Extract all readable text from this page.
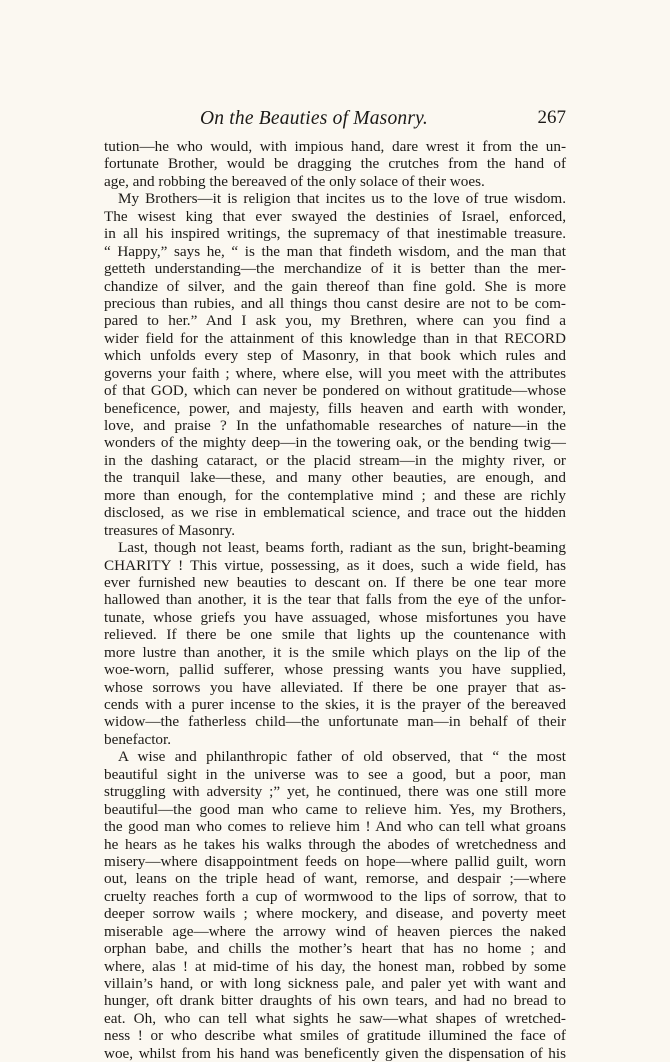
On the Beauties of Masonry.	267
tution—he who would, with impious hand, dare wrest it from the un-
fortunate Brother, would be dragging the crutches from the hand of
age, and robbing the bereaved of the only solace of their woes.
My Brothers—it is religion that incites us to the love of true wisdom.
The wisest king that ever swayed the destinies of Israel, enforced,
in all his inspired writings, the supremacy of that inestimable treasure.
“ Happy,” says he, “ is the man that findeth wisdom, and the man that
getteth understanding—the merchandize of it is better than the mer-
chandize of silver, and the gain thereof than fine gold. She is more
precious than rubies, and all things thou canst desire are not to be com-
pared to her.” And I ask you, my Brethren, where can you find a
wider field for the attainment of this knowledge than in that RECORD
which unfolds every step of Masonry, in that book which rules and
governs your faith ; where, where else, will you meet with the attributes
of that GOD, which can never be pondered on without gratitude—whose
beneficence, power, and majesty, fills heaven and earth with wonder,
love, and praise ? In the unfathomable researches of nature—in the
wonders of the mighty deep—in the towering oak, or the bending twig—
in the dashing cataract, or the placid stream—in the mighty river, or
the tranquil lake—these, and many other beauties, are enough, and
more than enough, for the contemplative mind ; and these are richly
disclosed, as we rise in emblematical science, and trace out the hidden
treasures of Masonry.
Last, though not least, beams forth, radiant as the sun, bright-beaming
CHARITY ! This virtue, possessing, as it does, such a wide field, has
ever furnished new beauties to descant on. If there be one tear more
hallowed than another, it is the tear that falls from the eye of the unfor-
tunate, whose griefs you have assuaged, whose misfortunes you have
relieved. If there be one smile that lights up the countenance with
more lustre than another, it is the smile which plays on the lip of the
woe-worn, pallid sufferer, whose pressing wants you have supplied,
whose sorrows you have alleviated. If there be one prayer that as-
cends with a purer incense to the skies, it is the prayer of the bereaved
widow—the fatherless child—the unfortunate man—in behalf of their
benefactor.
A wise and philanthropic father of old observed, that “ the most
beautiful sight in the universe was to see a good, but a poor, man
struggling with adversity ;” yet, he continued, there was one still more
beautiful—the good man who came to relieve him. Yes, my Brothers,
the good man who comes to relieve him ! And who can tell what groans
he hears as he takes his walks through the abodes of wretchedness and
misery—where disappointment feeds on hope—where pallid guilt, worn
out, leans on the triple head of want, remorse, and despair ;—where
cruelty reaches forth a cup of wormwood to the lips of sorrow, that to
deeper sorrow wails ; where mockery, and disease, and poverty meet
miserable age—where the arrowy wind of heaven pierces the naked
orphan babe, and chills the mother’s heart that has no home ; and
where, alas ! at mid-time of his day, the honest man, robbed by some
villain’s hand, or with long sickness pale, and paler yet with want and
hunger, oft drank bitter draughts of his own tears, and had no bread to
eat. Oh, who can tell what sights he saw—what shapes of wretched-
ness ! or who describe what smiles of gratitude illumined the face of
woe, whilst from his hand was beneficently given the dispensation of his
